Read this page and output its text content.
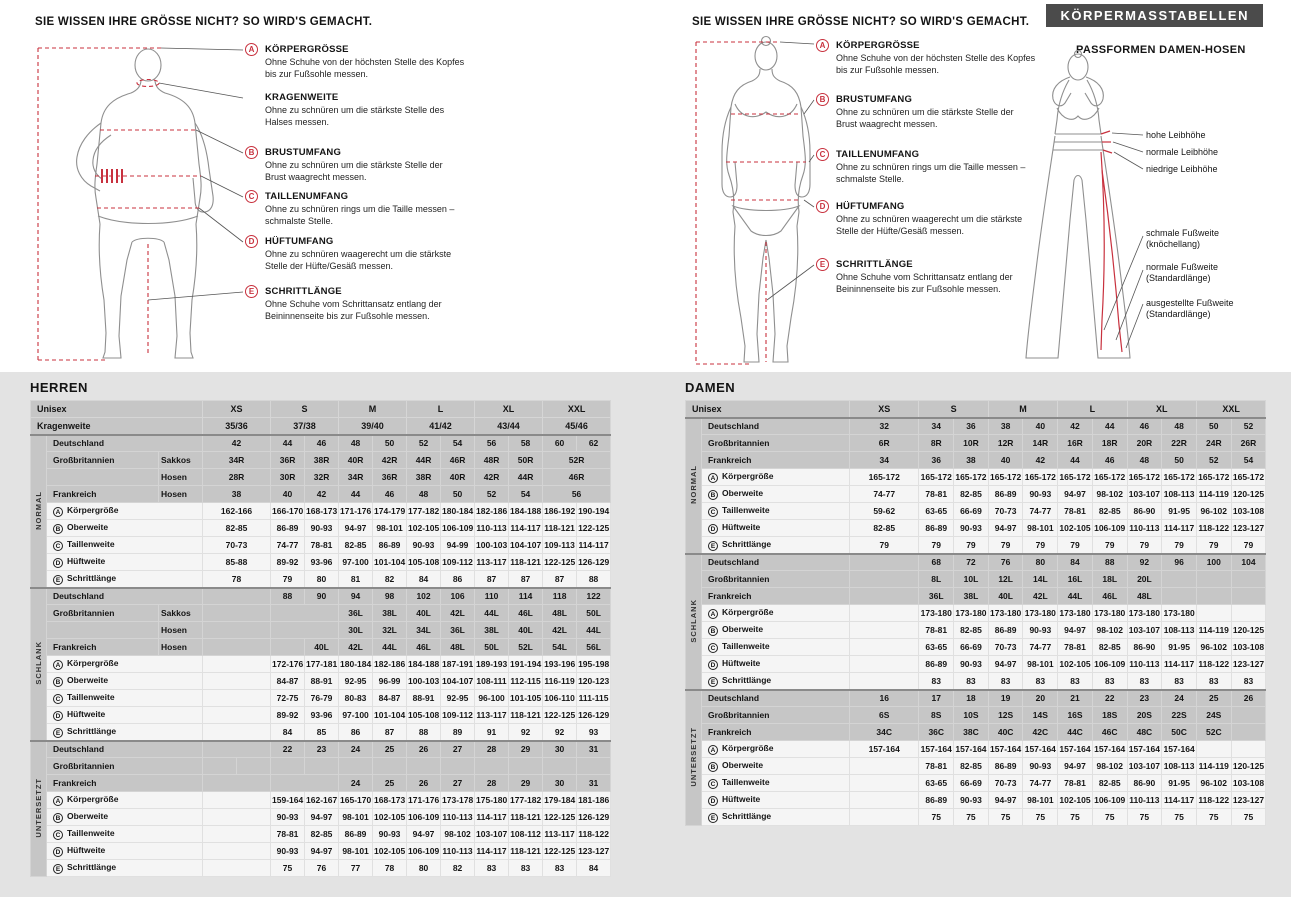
KÖRPERMASSTABELLEN
SIE WISSEN IHRE GRÖSSE NICHT? SO WIRD'S GEMACHT.
A	KÖRPERGRÖSSE
Ohne Schuhe von der höchsten Stelle des Kopfes bis zur Fußsohle messen.
KRAGENWEITE
Ohne zu schnüren um die stärkste Stelle des Halses messen.
B	BRUSTUMFANG
Ohne zu schnüren um die stärkste Stelle der Brust waagrecht messen.
C	TAILLENUMFANG
Ohne zu schnüren rings um die Taille messen – schmalste Stelle.
D	HÜFTUMFANG
Ohne zu schnüren waagerecht um die stärkste Stelle der Hüfte/Gesäß messen.
E	SCHRITTLÄNGE
Ohne Schuhe vom Schrittansatz entlang der Beininnenseite bis zur Fußsohle messen.
SIE WISSEN IHRE GRÖSSE NICHT? SO WIRD'S GEMACHT.
PASSFORMEN DAMEN-HOSEN
A	KÖRPERGRÖSSE
Ohne Schuhe von der höchsten Stelle des Kopfes bis zur Fußsohle messen.
B	BRUSTUMFANG
Ohne zu schnüren um die stärkste Stelle der Brust waagrecht messen.
C	TAILLENUMFANG
Ohne zu schnüren rings um die Taille messen – schmalste Stelle.
D	HÜFTUMFANG
Ohne zu schnüren waagerecht um die stärkste Stelle der Hüfte/Gesäß messen.
E	SCHRITTLÄNGE
Ohne Schuhe vom Schrittansatz entlang der Beininnenseite bis zur Fußsohle messen.
hohe Leibhöhe
normale Leibhöhe
niedrige Leibhöhe
schmale Fußweite
(knöchellang)
normale Fußweite
(Standardlänge)
ausgestellte Fußweite
(Standardlänge)
HERREN	DAMEN
Unisex			XS		S		M		L		XL		XXL	
Kragenweite			35/36		37/38		39/40		41/42		43/44		45/46	
NORMAL	Deutschland		42		44	46	48	50	52	54	56	58	60	62
	Großbritannien	Sakkos	34R		36R	38R	40R	42R	44R	46R	48R	50R	52R	
		Hosen	28R		30R	32R	34R	36R	38R	40R	42R	44R	46R	
	Frankreich	Hosen	38		40	42	44	46	48	50	52	54	56	
	A Körpergröße		162-166		166-170	168-173	171-176	174-179	177-182	180-184	182-186	184-188	186-192	190-194
	B Oberweite		82-85		86-89	90-93	94-97	98-101	102-105	106-109	110-113	114-117	118-121	122-125
	C Taillenweite		70-73		74-77	78-81	82-85	86-89	90-93	94-99	100-103	104-107	109-113	114-117
	D Hüftweite		85-88		89-92	93-96	97-100	101-104	105-108	109-112	113-117	118-121	122-125	126-129
	E Schrittlänge		78		79	80	81	82	84	86	87	87	87	88
SCHLANK	Deutschland				88	90	94	98	102	106	110	114	118	122
	Großbritannien	Sakkos					36L	38L	40L	42L	44L	46L	48L	50L
		Hosen					30L	32L	34L	36L	38L	40L	42L	44L
	Frankreich	Hosen				40L	42L	44L	46L	48L	50L	52L	54L	56L
	A Körpergröße				172-176	177-181	180-184	182-186	184-188	187-191	189-193	191-194	193-196	195-198
	B Oberweite				84-87	88-91	92-95	96-99	100-103	104-107	108-111	112-115	116-119	120-123
	C Taillenweite				72-75	76-79	80-83	84-87	88-91	92-95	96-100	101-105	106-110	111-115
	D Hüftweite				89-92	93-96	97-100	101-104	105-108	109-112	113-117	118-121	122-125	126-129
	E Schrittlänge				84	85	86	87	88	89	91	92	92	93
UNTERSETZT	Deutschland				22	23	24	25	26	27	28	29	30	31
	Großbritannien													
	Frankreich						24	25	26	27	28	29	30	31
	A Körpergröße				159-164	162-167	165-170	168-173	171-176	173-178	175-180	177-182	179-184	181-186
	B Oberweite				90-93	94-97	98-101	102-105	106-109	110-113	114-117	118-121	122-125	126-129
	C Taillenweite				78-81	82-85	86-89	90-93	94-97	98-102	103-107	108-112	113-117	118-122
	D Hüftweite				90-93	94-97	98-101	102-105	106-109	110-113	114-117	118-121	122-125	123-127
	E Schrittlänge				75	76	77	78	80	82	83	83	83	84
Unisex		XS	S		M		L		XL		XXL	
NORMAL	Deutschland	32	34	36	38	40	42	44	46	48	50	52
	Großbritannien	6R	8R	10R	12R	14R	16R	18R	20R	22R	24R	26R
	Frankreich	34	36	38	40	42	44	46	48	50	52	54
	A Körpergröße	165-172	165-172	165-172	165-172	165-172	165-172	165-172	165-172	165-172	165-172	165-172
	B Oberweite	74-77	78-81	82-85	86-89	90-93	94-97	98-102	103-107	108-113	114-119	120-125
	C Taillenweite	59-62	63-65	66-69	70-73	74-77	78-81	82-85	86-90	91-95	96-102	103-108
	D Hüftweite	82-85	86-89	90-93	94-97	98-101	102-105	106-109	110-113	114-117	118-122	123-127
	E Schrittlänge	79	79	79	79	79	79	79	79	79	79	79
SCHLANK	Deutschland		68	72	76	80	84	88	92	96	100	104
	Großbritannien		8L	10L	12L	14L	16L	18L	20L			
	Frankreich		36L	38L	40L	42L	44L	46L	48L			
	A Körpergröße		173-180	173-180	173-180	173-180	173-180	173-180	173-180	173-180		
	B Oberweite		78-81	82-85	86-89	90-93	94-97	98-102	103-107	108-113	114-119	120-125
	C Taillenweite		63-65	66-69	70-73	74-77	78-81	82-85	86-90	91-95	96-102	103-108
	D Hüftweite		86-89	90-93	94-97	98-101	102-105	106-109	110-113	114-117	118-122	123-127
	E Schrittlänge		83	83	83	83	83	83	83	83	83	83
UNTERSETZT	Deutschland	16	17	18	19	20	21	22	23	24	25	26
	Großbritannien	6S	8S	10S	12S	14S	16S	18S	20S	22S	24S	
	Frankreich	34C	36C	38C	40C	42C	44C	46C	48C	50C	52C	
	A Körpergröße	157-164	157-164	157-164	157-164	157-164	157-164	157-164	157-164	157-164		
	B Oberweite		78-81	82-85	86-89	90-93	94-97	98-102	103-107	108-113	114-119	120-125
	C Taillenweite		63-65	66-69	70-73	74-77	78-81	82-85	86-90	91-95	96-102	103-108
	D Hüftweite		86-89	90-93	94-97	98-101	102-105	106-109	110-113	114-117	118-122	123-127
	E Schrittlänge		75	75	75	75	75	75	75	75	75	75
